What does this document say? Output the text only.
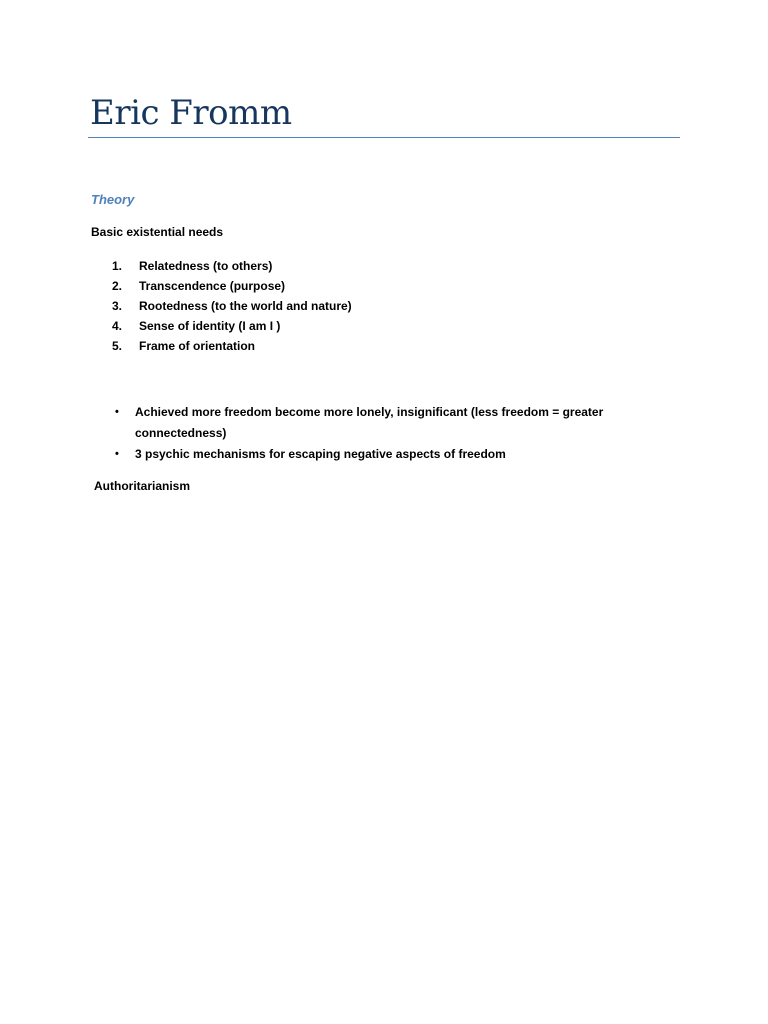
Eric Fromm
Theory

Basic existential needs

1.	Relatedness (to others)
2.	Transcendence (purpose)
3.	Rootedness (to the world and nature)
4.	Sense of identity (I am I )
5.	Frame of orientation
•	Achieved more freedom become more lonely, insignificant (less freedom = greater connectedness)
•	3 psychic mechanisms for escaping negative aspects of freedom

Authoritarianism
